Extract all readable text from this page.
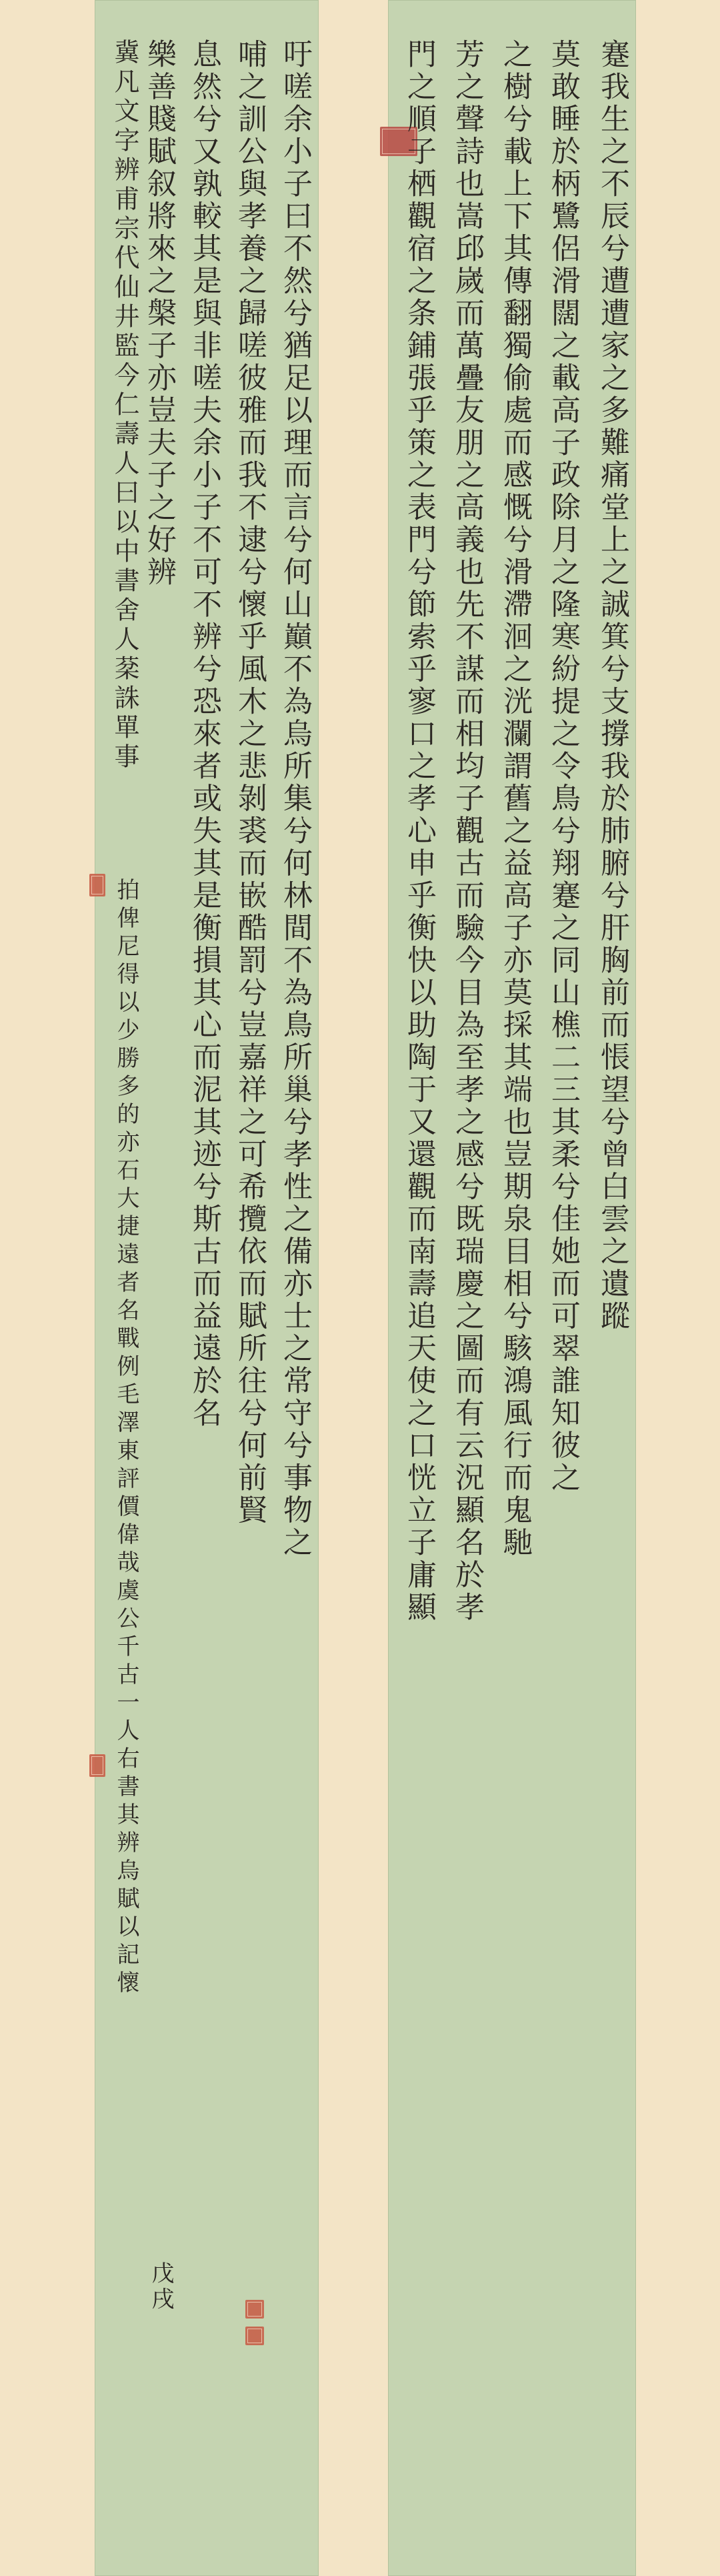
蹇我生之不辰兮遭遭家之多難痛堂上之誠箕兮支撐我於肺腑兮肝胸前而悵望兮曾白雲之遺蹤
莫敢睡於柄鷺侶滑闊之載高子政除月之隆寒紛提之令鳥兮翔蹇之同山樵二三其柔兮佳她而可翠誰知彼之
之樹兮載上下其傳翻獨偷處而感慨兮滑滯洄之洸瀾謂舊之益高子亦莫採其端也豈期泉目相兮駭鴻風行而鬼馳
芳之聲詩也嵩邱嵗而萬疊友朋之高義也先不謀而相均子觀古而驗今目為至孝之感兮既瑞慶之圖而有云況顯名於孝
門之順子栖觀宿之条鋪張乎策之表門兮節索乎寥口之孝心申乎衡快以助陶于又還觀而南壽追天使之口恍立子庸顯
吁嗟余小子曰不然兮猶足以理而言兮何山巔不為烏所集兮何林間不為鳥所巢兮孝性之備亦士之常守兮事物之
哺之訓公與孝養之歸嗟彼雅而我不逮兮懷乎風木之悲剝裘而嵌酷罰兮豈嘉祥之可希攬依而賦所往兮何前賢
息然兮又孰較其是與非嗟夫余小子不可不辨兮恐來者或失其是衡損其心而泥其迹兮斯古而益遠於名
樂善賤賦叙將來之槃子亦豈夫子之好辨
冀凡文字辨甫宗代仙井監今仁壽人曰以中書舍人棻誅單事
拍俾尼得以少勝多的亦石大捷遠者名戰例毛澤東評價偉哉虞公千古一人右書其辨烏賦以記懷
戊戌
